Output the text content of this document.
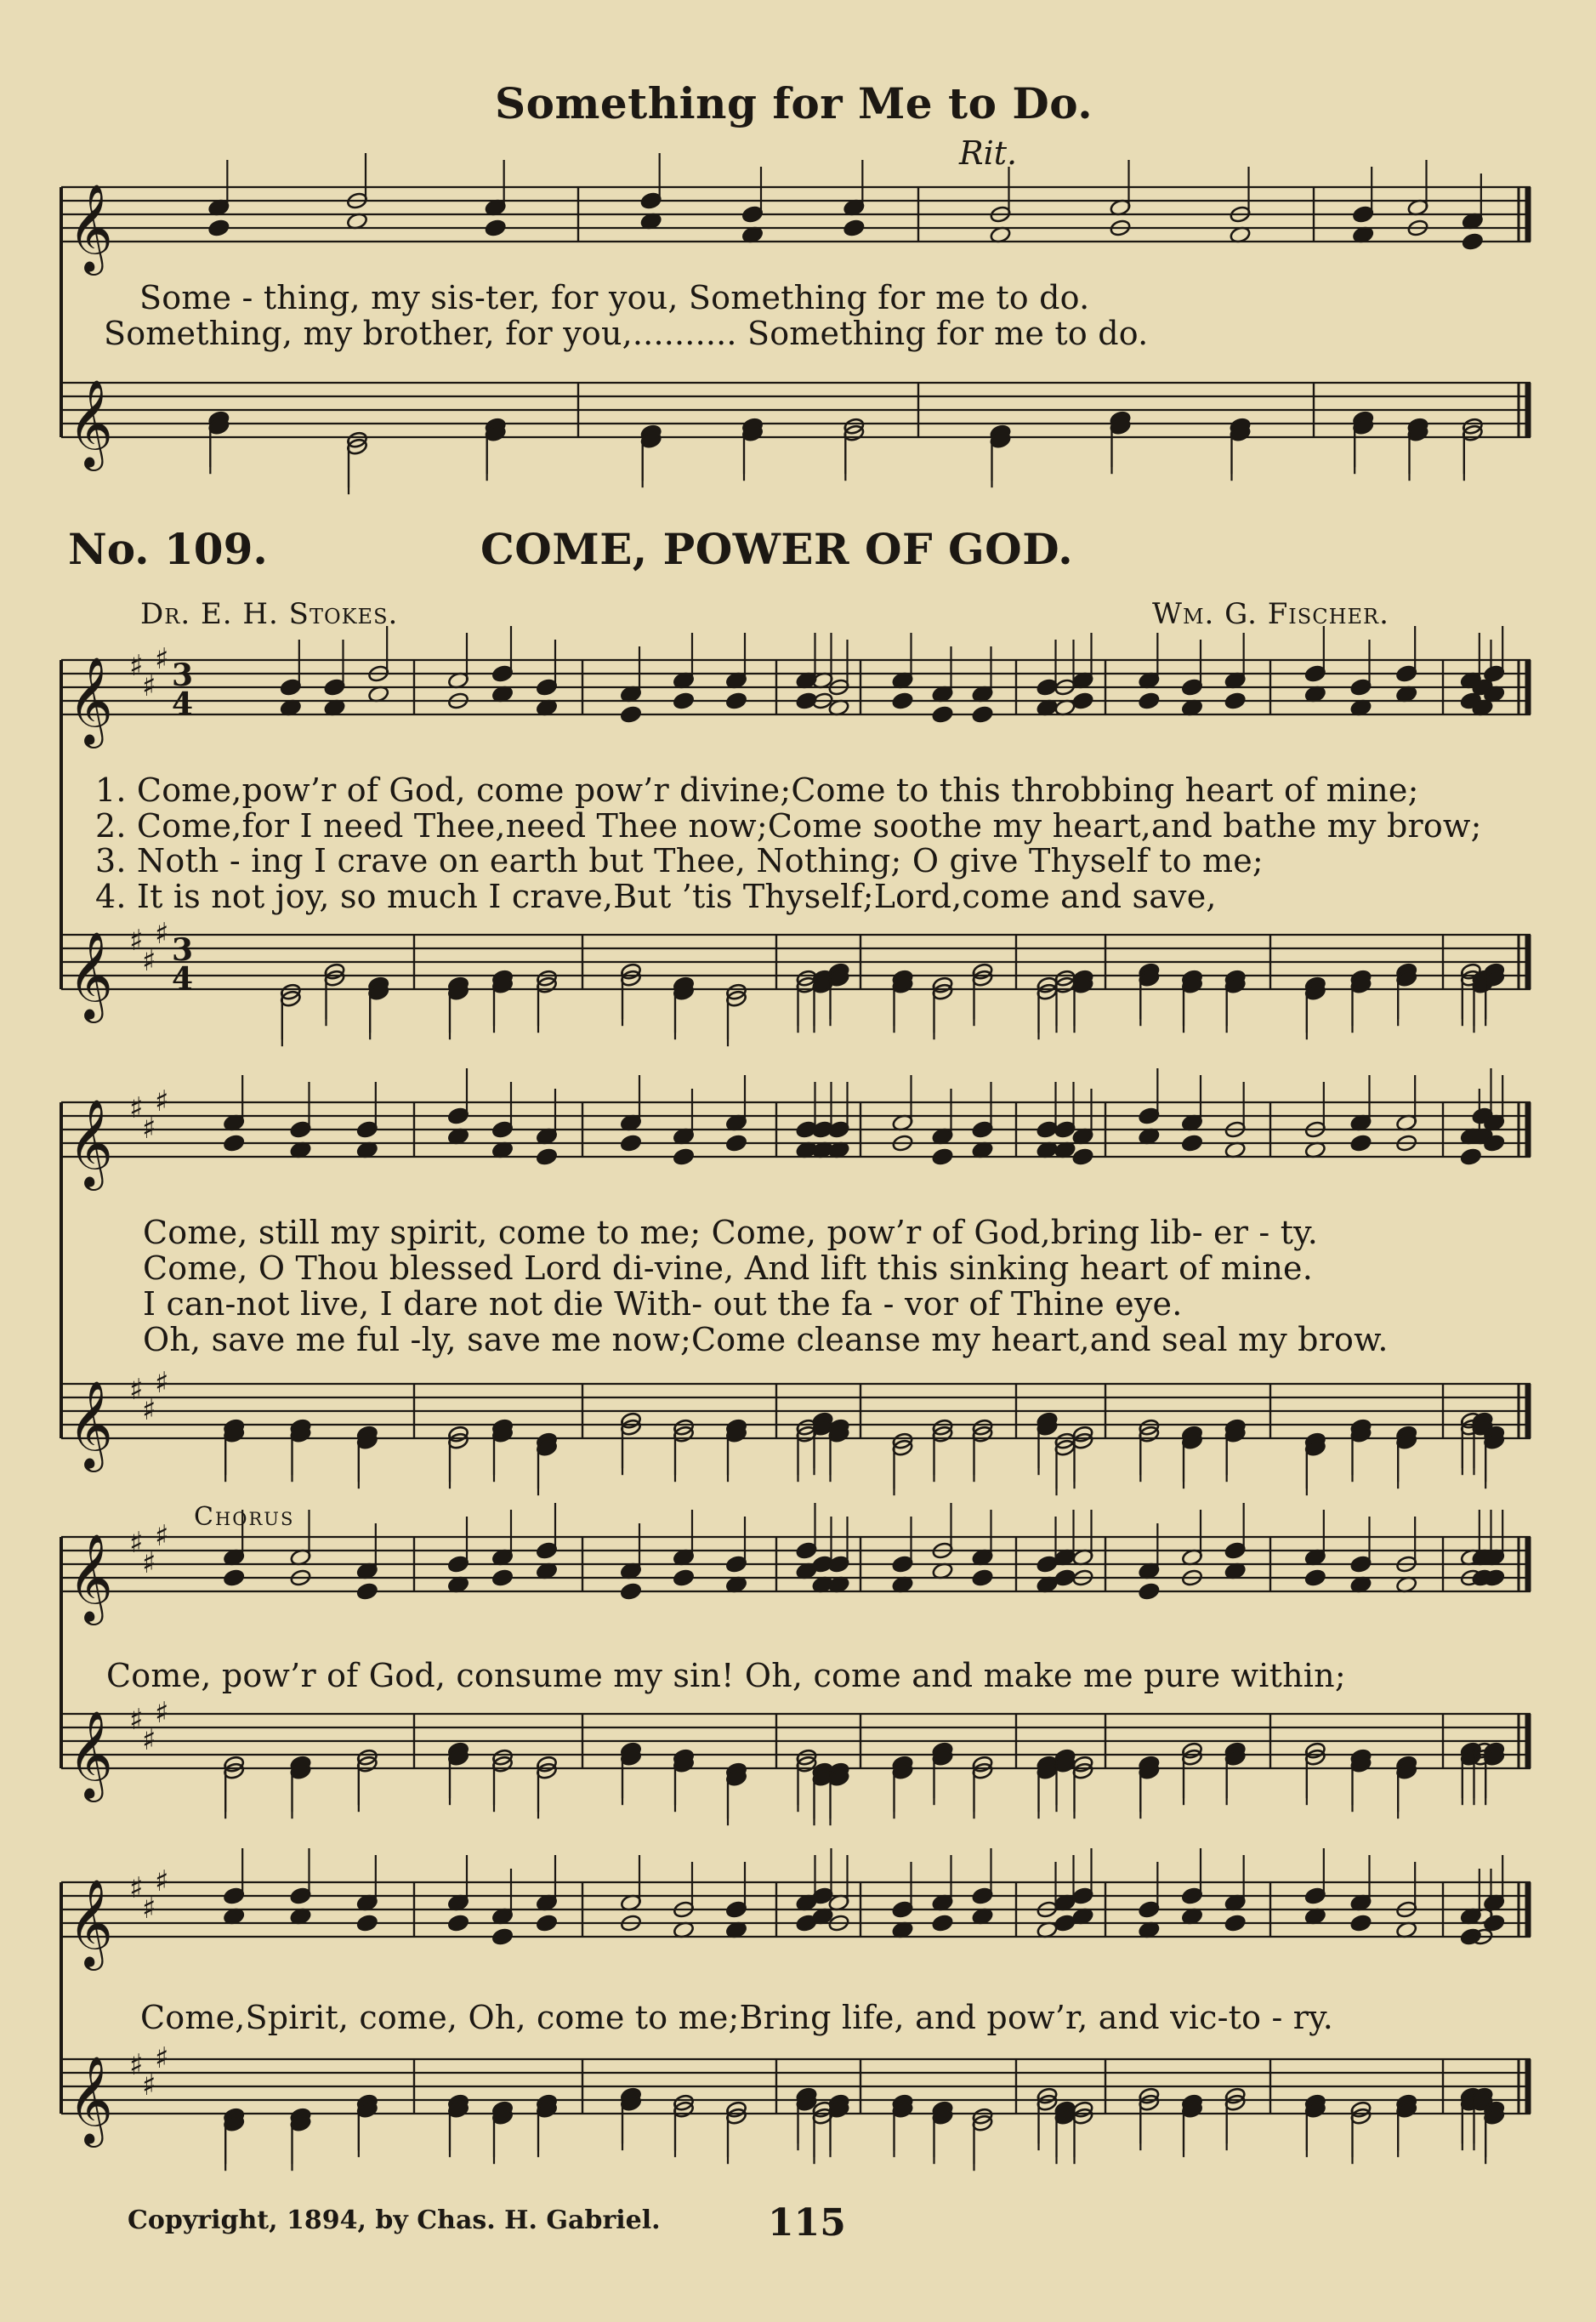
𝄞
𝄞
𝄞
𝄞
♯
♯
♯
♯
♯
♯
3
4
3
4
𝄞
𝄞
♯
♯
♯
♯
♯
♯
𝄞
𝄞
♯
♯
♯
♯
♯
♯
𝄞
𝄞
♯
♯
♯
♯
♯
♯
Something for Me to Do.
Rit.
Some - thing, my sis-ter, for you, Something for me to do.
Something, my brother, for you,.......... Something for me to do.
No. 109.	COME, POWER OF GOD.
Dr. E. H. Stokes.	Wm. G. Fischer.
1. Come,pow’r of God, come pow’r divine;Come to this throbbing heart of mine;
2. Come,for I need Thee,need Thee now;Come soothe my heart,and bathe my brow;
3. Noth - ing I crave on earth but Thee, Nothing; O give Thyself to me;
4. It is not joy, so much I crave,But ’tis Thyself;Lord,come and save,
Come, still my spirit, come to me; Come, pow’r of God,bring lib- er - ty.
Come, O Thou blessed Lord di-vine, And lift this sinking heart of mine.
I can-not live, I dare not die With- out the fa - vor of Thine eye.
Oh, save me ful -ly, save me now;Come cleanse my heart,and seal my brow.
Chorus
Come, pow’r of God, consume my sin! Oh, come and make me pure within;
Come,Spirit, come, Oh, come to me;Bring life, and pow’r, and vic-to - ry.
Copyright, 1894, by Chas. H. Gabriel.	115
